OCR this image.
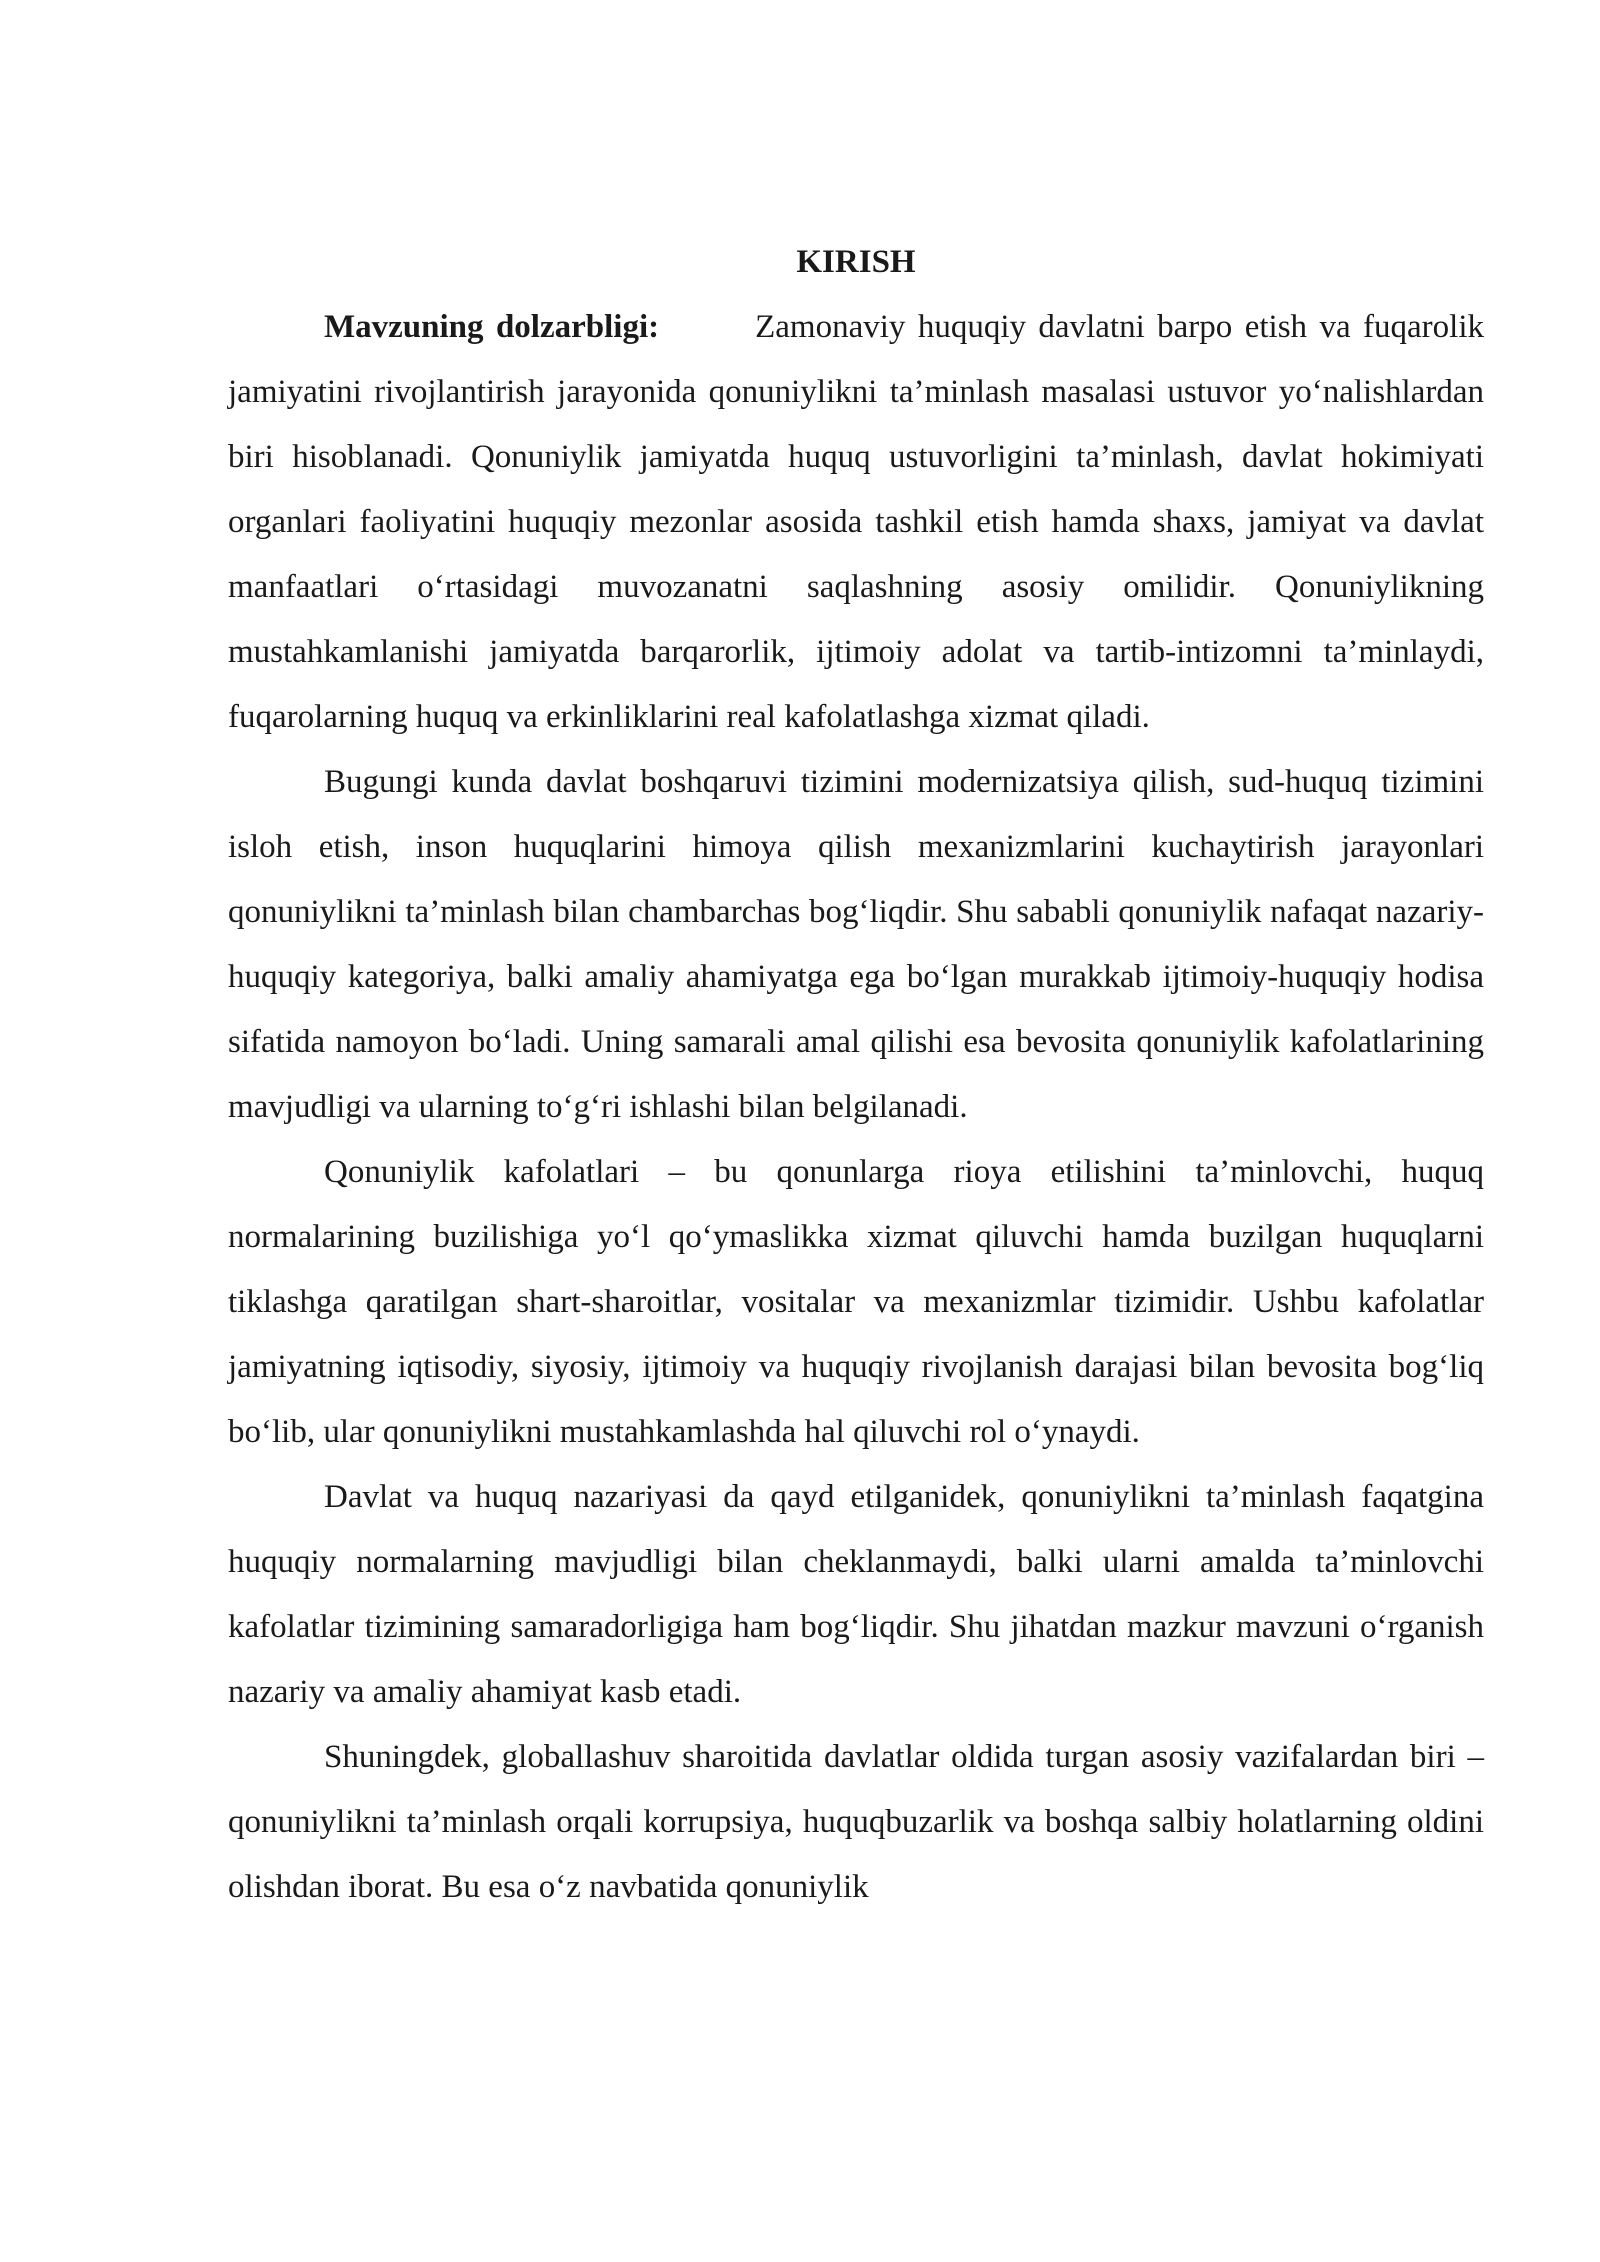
KIRISH

Mavzuning dolzarbligi:	Zamonaviy huquqiy davlatni barpo etish va fuqarolik jamiyatini rivojlantirish jarayonida qonuniylikni ta’minlash masalasi ustuvor yo‘nalishlardan biri hisoblanadi. Qonuniylik jamiyatda huquq ustuvorligini ta’minlash, davlat hokimiyati organlari faoliyatini huquqiy mezonlar asosida tashkil etish hamda shaxs, jamiyat va davlat manfaatlari o‘rtasidagi muvozanatni saqlashning asosiy omilidir. Qonuniylikning mustahkamlanishi jamiyatda barqarorlik, ijtimoiy adolat va tartib-intizomni ta’minlaydi, fuqarolarning huquq va erkinliklarini real kafolatlashga xizmat qiladi.

Bugungi kunda davlat boshqaruvi tizimini modernizatsiya qilish, sud-huquq tizimini isloh etish, inson huquqlarini himoya qilish mexanizmlarini kuchaytirish jarayonlari qonuniylikni ta’minlash bilan chambarchas bog‘liqdir. Shu sababli qonuniylik nafaqat nazariy-huquqiy kategoriya, balki amaliy ahamiyatga ega bo‘lgan murakkab ijtimoiy-huquqiy hodisa sifatida namoyon bo‘ladi. Uning samarali amal qilishi esa bevosita qonuniylik kafolatlarining mavjudligi va ularning to‘g‘ri ishlashi bilan belgilanadi.

Qonuniylik kafolatlari – bu qonunlarga rioya etilishini ta’minlovchi, huquq normalarining buzilishiga yo‘l qo‘ymaslikka xizmat qiluvchi hamda buzilgan huquqlarni tiklashga qaratilgan shart-sharoitlar, vositalar va mexanizmlar tizimidir. Ushbu kafolatlar jamiyatning iqtisodiy, siyosiy, ijtimoiy va huquqiy rivojlanish darajasi bilan bevosita bog‘liq bo‘lib, ular qonuniylikni mustahkamlashda hal qiluvchi rol o‘ynaydi.

Davlat va huquq nazariyasi da qayd etilganidek, qonuniylikni ta’minlash faqatgina huquqiy normalarning mavjudligi bilan cheklanmaydi, balki ularni amalda ta’minlovchi kafolatlar tizimining samaradorligiga ham bog‘liqdir. Shu jihatdan mazkur mavzuni o‘rganish nazariy va amaliy ahamiyat kasb etadi.

Shuningdek, globallashuv sharoitida davlatlar oldida turgan asosiy vazifalardan biri – qonuniylikni ta’minlash orqali korrupsiya, huquqbuzarlik va boshqa salbiy holatlarning oldini olishdan iborat. Bu esa o‘z navbatida qonuniylik
